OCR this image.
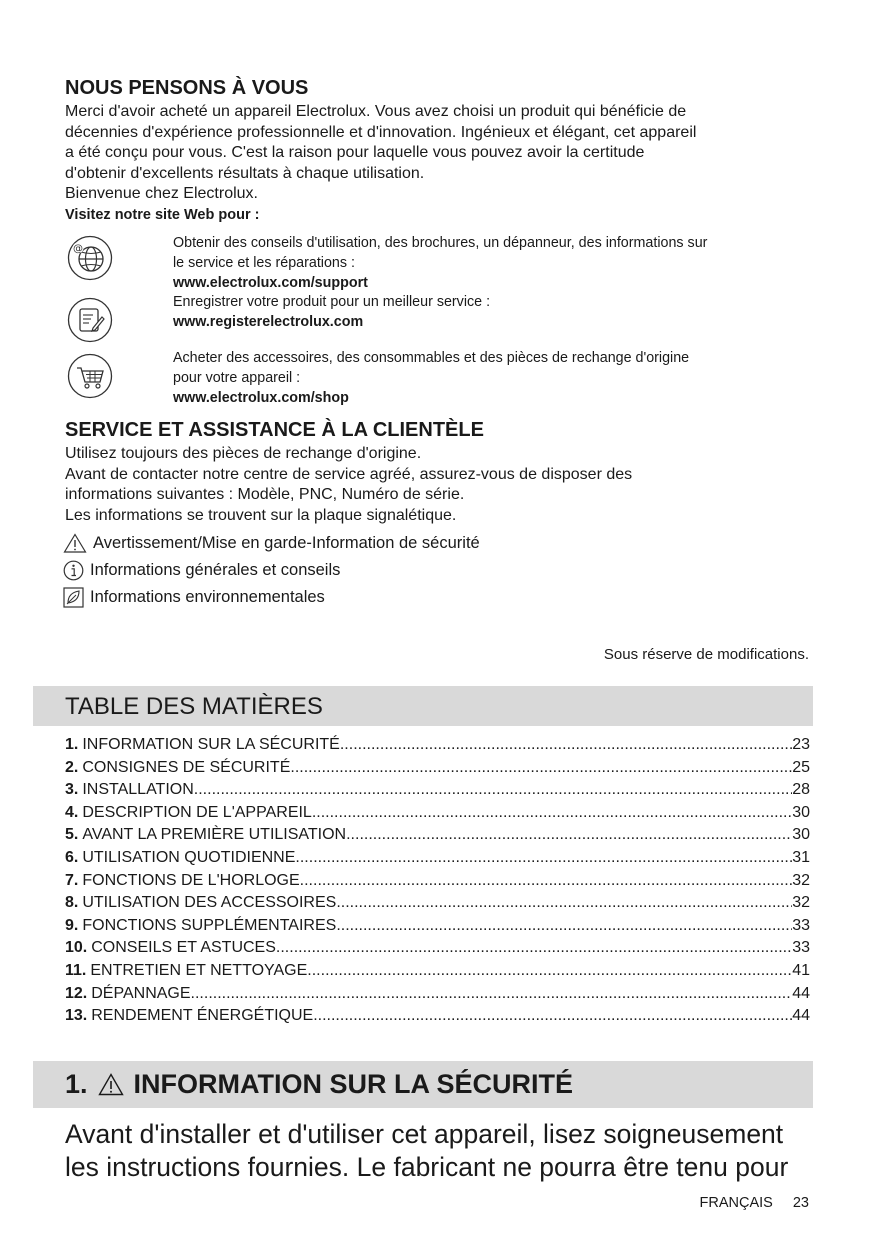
NOUS PENSONS À VOUS
Merci d'avoir acheté un appareil Electrolux. Vous avez choisi un produit qui bénéficie de
décennies d'expérience professionnelle et d'innovation. Ingénieux et élégant, cet appareil
a été conçu pour vous. C'est la raison pour laquelle vous pouvez avoir la certitude
d'obtenir d'excellents résultats à chaque utilisation.
Bienvenue chez Electrolux.
Visitez notre site Web pour :
@	Obtenir des conseils d'utilisation, des brochures, un dépanneur, des informations sur
le service et les réparations :
www.electrolux.com/support
Enregistrer votre produit pour un meilleur service :
www.registerelectrolux.com
Acheter des accessoires, des consommables et des pièces de rechange d'origine
pour votre appareil :
www.electrolux.com/shop
SERVICE ET ASSISTANCE À LA CLIENTÈLE
Utilisez toujours des pièces de rechange d'origine.
Avant de contacter notre centre de service agréé, assurez-vous de disposer des
informations suivantes : Modèle, PNC, Numéro de série.
Les informations se trouvent sur la plaque signalétique.
Avertissement/Mise en garde-Information de sécurité
Informations générales et conseils
Informations environnementales
Sous réserve de modifications.
TABLE DES MATIÈRES
1. INFORMATION SUR LA SÉCURITÉ .....	23
2. CONSIGNES DE SÉCURITÉ .....	25
3. INSTALLATION .....	28
4. DESCRIPTION DE L'APPAREIL .....	30
5. AVANT LA PREMIÈRE UTILISATION .....	30
6. UTILISATION QUOTIDIENNE .....	31
7. FONCTIONS DE L'HORLOGE .....	32
8. UTILISATION DES ACCESSOIRES .....	32
9. FONCTIONS SUPPLÉMENTAIRES .....	33
10. CONSEILS ET ASTUCES .....	33
11. ENTRETIEN ET NETTOYAGE .....	41
12. DÉPANNAGE .....	44
13. RENDEMENT ÉNERGÉTIQUE .....	44
1. INFORMATION SUR LA SÉCURITÉ
Avant d'installer et d'utiliser cet appareil, lisez soigneusement
les instructions fournies. Le fabricant ne pourra être tenu pour
FRANÇAIS 23
